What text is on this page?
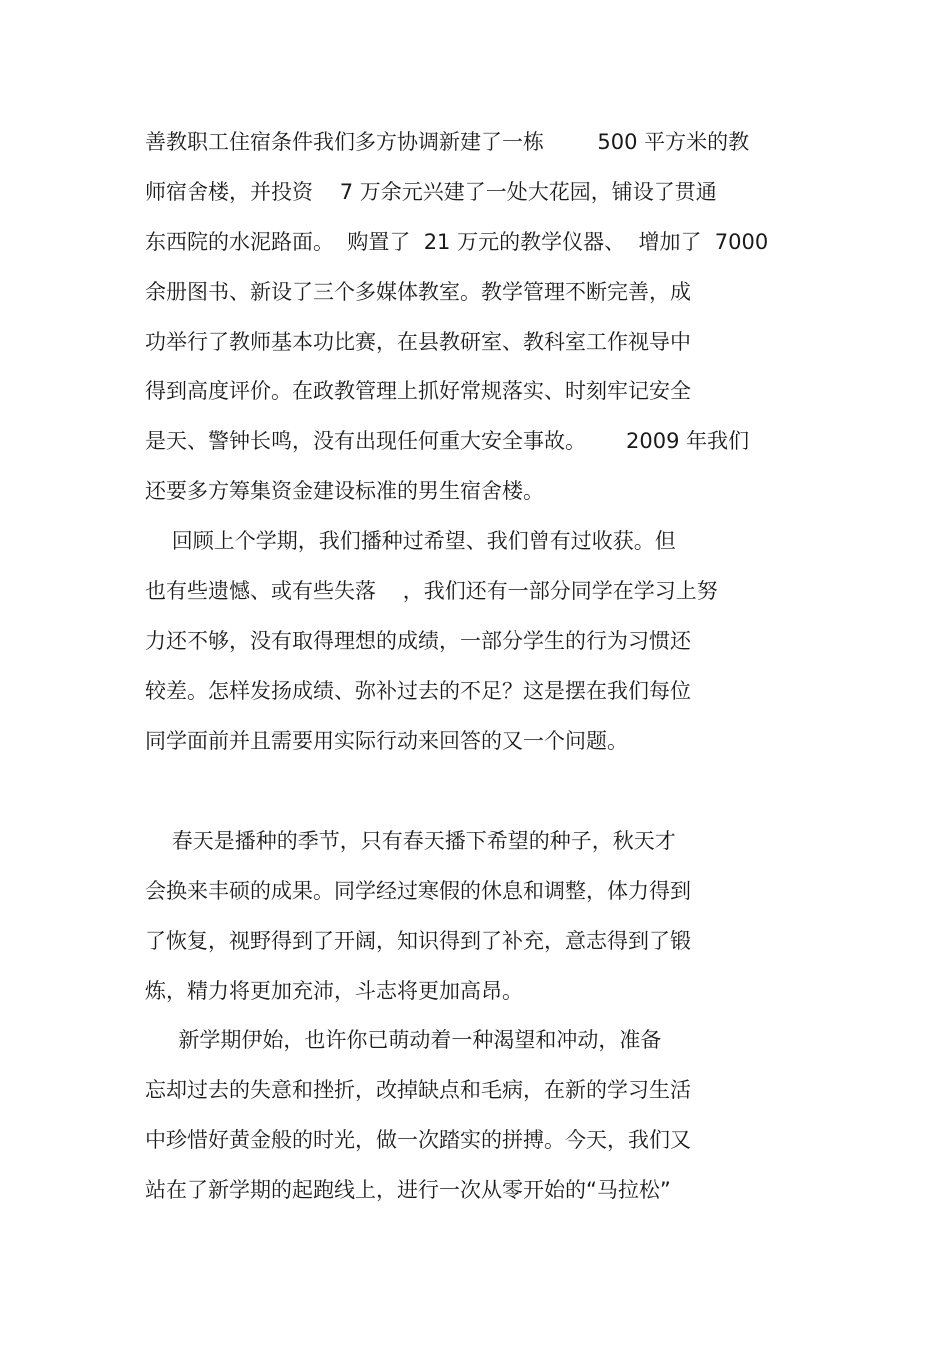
善教职工住宿条件我们多方协调新建了一栋        500 平方米的教

师宿舍楼，并投资    7 万余元兴建了一处大花园，铺设了贯通

东西院的水泥路面。  购置了  21 万元的教学仪器、  增加了  7000

余册图书、新设了三个多媒体教室。教学管理不断完善，成

功举行了教师基本功比赛，在县教研室、教科室工作视导中

得到高度评价。在政教管理上抓好常规落实、时刻牢记安全

是天、警钟长鸣，没有出现任何重大安全事故。      2009 年我们

还要多方筹集资金建设标准的男生宿舍楼。

回顾上个学期，我们播种过希望、我们曾有过收获。但

也有些遗憾、或有些失落    ，我们还有一部分同学在学习上努

力还不够，没有取得理想的成绩，一部分学生的行为习惯还

较差。怎样发扬成绩、弥补过去的不足？这是摆在我们每位

同学面前并且需要用实际行动来回答的又一个问题。

春天是播种的季节，只有春天播下希望的种子，秋天才

会换来丰硕的成果。同学经过寒假的休息和调整，体力得到

了恢复，视野得到了开阔，知识得到了补充，意志得到了锻

炼，精力将更加充沛，斗志将更加高昂。

新学期伊始，也许你已萌动着一种渴望和冲动，准备

忘却过去的失意和挫折，改掉缺点和毛病，在新的学习生活

中珍惜好黄金般的时光，做一次踏实的拼搏。今天，我们又

站在了新学期的起跑线上，进行一次从零开始的“马拉松”
